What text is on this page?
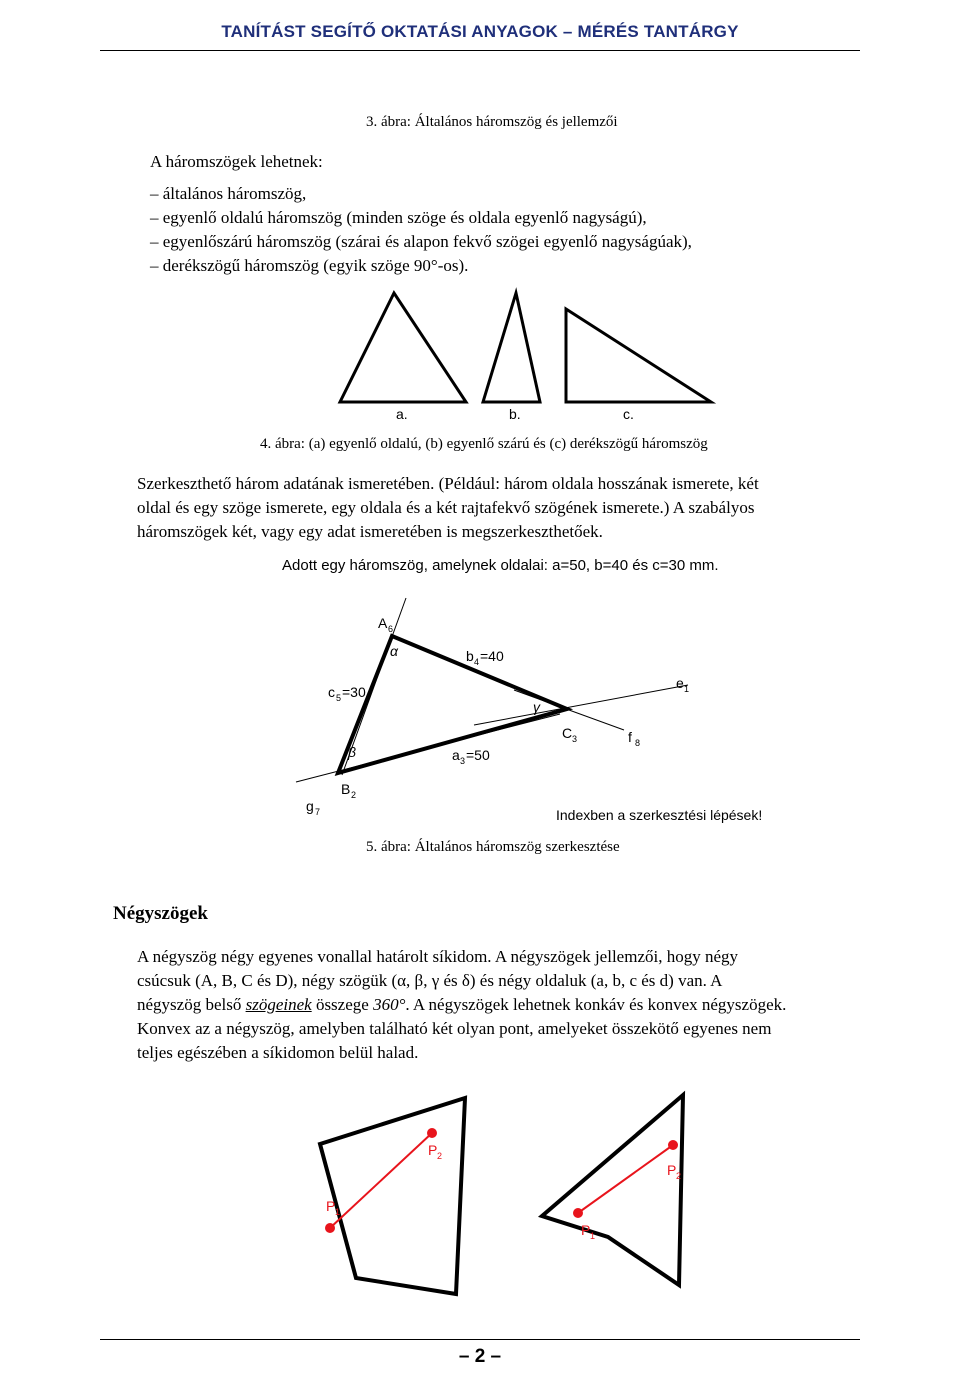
TANÍTÁST SEGÍTŐ OKTATÁSI ANYAGOK – MÉRÉS TANTÁRGY
3. ábra: Általános háromszög és jellemzői
A háromszögek lehetnek:
– általános háromszög,
– egyenlő oldalú háromszög (minden szöge és oldala egyenlő nagyságú),
– egyenlőszárú háromszög (szárai és alapon fekvő szögei egyenlő nagyságúak),
– derékszögű háromszög (egyik szöge 90°-os).
a.	b.	c.
4. ábra: (a) egyenlő oldalú, (b) egyenlő szárú és (c) derékszögű háromszög
Szerkeszthető három adatának ismeretében. (Például: három oldala hosszának ismerete, két
oldal és egy szöge ismerete, egy oldala és a két rajtafekvő szögének ismerete.) A szabályos
háromszögek két, vagy egy adat ismeretében is megszerkeszthetőek.
Adott egy háromszög, amelynek oldalai: a=50, b=40 és c=30 mm.
A 6
B 2
C 3
α
β
γ
b 4 =40
c 5 =30
a 3 =50
e 1
f 8
g 7	Indexben a szerkesztési lépések!
5. ábra: Általános háromszög szerkesztése
Négyszögek
A négyszög négy egyenes vonallal határolt síkidom. A négyszögek jellemzői, hogy négy
csúcsuk (A, B, C és D), négy szögük (α, β, γ és δ) és négy oldaluk (a, b, c és d) van. A
négyszög belső szögeinek összege 360°. A négyszögek lehetnek konkáv és konvex négyszögek.
Konvex az a négyszög, amelyben található két olyan pont, amelyeket összekötő egyenes nem
teljes egészében a síkidomon belül halad.
P 1
P 2
P 1
P 2
– 2 –
